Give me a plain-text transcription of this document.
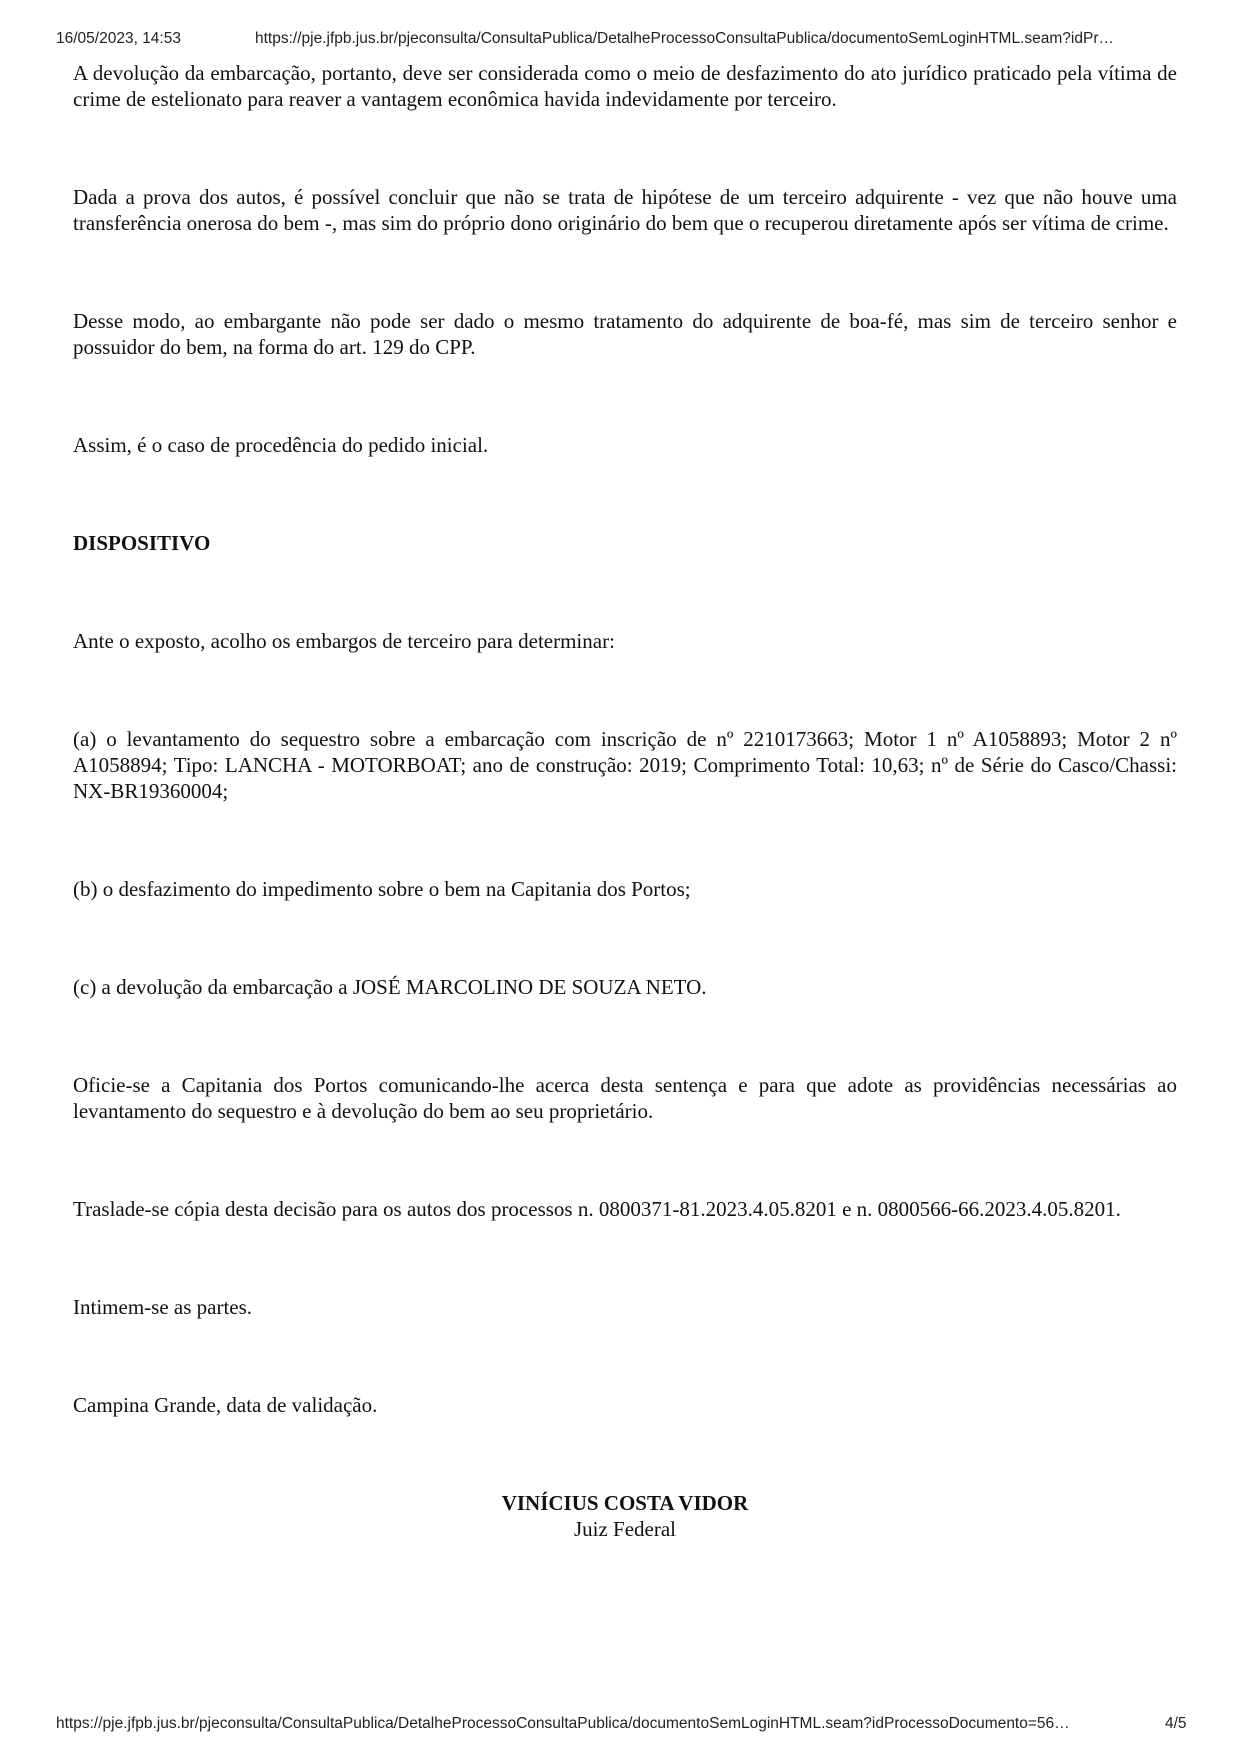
16/05/2023, 14:53	https://pje.jfpb.jus.br/pjeconsulta/ConsultaPublica/DetalheProcessoConsultaPublica/documentoSemLoginHTML.seam?idPr…

A devolução da embarcação, portanto, deve ser considerada como o meio de desfazimento do ato jurídico praticado pela vítima de crime de estelionato para reaver a vantagem econômica havida indevidamente por terceiro.

Dada a prova dos autos, é possível concluir que não se trata de hipótese de um terceiro adquirente - vez que não houve uma transferência onerosa do bem -, mas sim do próprio dono originário do bem que o recuperou diretamente após ser vítima de crime.

Desse modo, ao embargante não pode ser dado o mesmo tratamento do adquirente de boa-fé, mas sim de terceiro senhor e possuidor do bem, na forma do art. 129 do CPP.

Assim, é o caso de procedência do pedido inicial.

DISPOSITIVO

Ante o exposto, acolho os embargos de terceiro para determinar:

(a) o levantamento do sequestro sobre a embarcação com inscrição de nº 2210173663; Motor 1 nº A1058893; Motor 2 nº A1058894; Tipo: LANCHA - MOTORBOAT; ano de construção: 2019; Comprimento Total: 10,63; nº de Série do Casco/Chassi: NX-BR19360004;

(b) o desfazimento do impedimento sobre o bem na Capitania dos Portos;

(c) a devolução da embarcação a JOSÉ MARCOLINO DE SOUZA NETO.

Oficie-se a Capitania dos Portos comunicando-lhe acerca desta sentença e para que adote as providências necessárias ao levantamento do sequestro e à devolução do bem ao seu proprietário.

Traslade-se cópia desta decisão para os autos dos processos n. 0800371-81.2023.4.05.8201 e n. 0800566-66.2023.4.05.8201.

Intimem-se as partes.

Campina Grande, data de validação.

VINÍCIUS COSTA VIDOR

Juiz Federal

https://pje.jfpb.jus.br/pjeconsulta/ConsultaPublica/DetalheProcessoConsultaPublica/documentoSemLoginHTML.seam?idProcessoDocumento=56…	4/5
